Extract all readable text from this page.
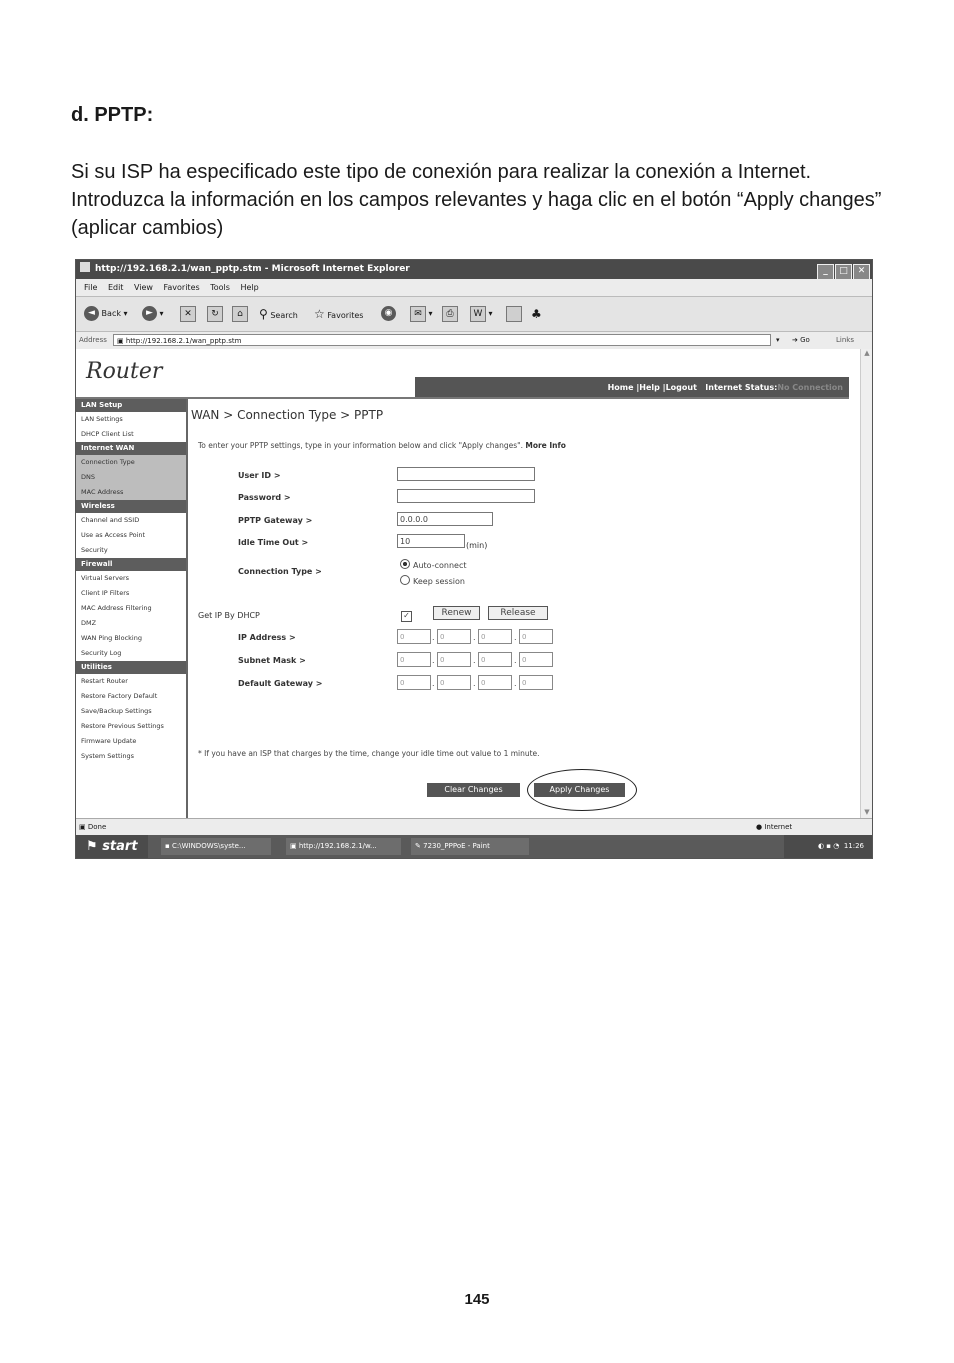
d. PPTP:
Si su ISP ha especificado este tipo de conexión para realizar la conexión a Internet. Introduzca la información en los campos relevantes y haga clic en el botón “Apply changes” (aplicar cambios)
http://192.168.2.1/wan_pptp.stm - Microsoft Internet Explorer	_ □ ✕
File Edit View Favorites Tools Help
◄ Back ▾	► ▾	✕	↻	⌂	⚲ Search ☆ Favorites	◉	✉ ▾	⎙	W ▾	♣
Address	▣ http://192.168.2.1/wan_pptp.stm	▾ ➔ Go	Links
Router
Home |Help |Logout Internet Status:No Connection
LAN Setup
LAN Settings
DHCP Client List
Internet WAN
Connection Type
DNS
MAC Address
Wireless
Channel and SSID
Use as Access Point
Security
Firewall
Virtual Servers
Client IP Filters
MAC Address Filtering
DMZ
WAN Ping Blocking
Security Log
Utilities
Restart Router
Restore Factory Default
Save/Backup Settings
Restore Previous Settings
Firmware Update
System Settings
WAN > Connection Type > PPTP
To enter your PPTP settings, type in your information below and click "Apply changes". More Info
User ID >
Password >
PPTP Gateway >	0.0.0.0
Idle Time Out >	10	(min)
Connection Type >
Auto-connect
Keep session
Get IP By DHCP	✓	Renew	Release
IP Address >	0	. 0	. 0	. 0
Subnet Mask >	0	. 0	. 0	. 0
Default Gateway >	0	. 0	. 0	. 0
* If you have an ISP that charges by the time, change your idle time out value to 1 minute.
Clear Changes	Apply Changes
▲
▼
▣ Done	● Internet
⚑ start	▪ C:\WINDOWS\syste...	▣ http://192.168.2.1/w...	✎ 7230_PPPoE - Paint	◐ ▪ ◔ 11:26
145
